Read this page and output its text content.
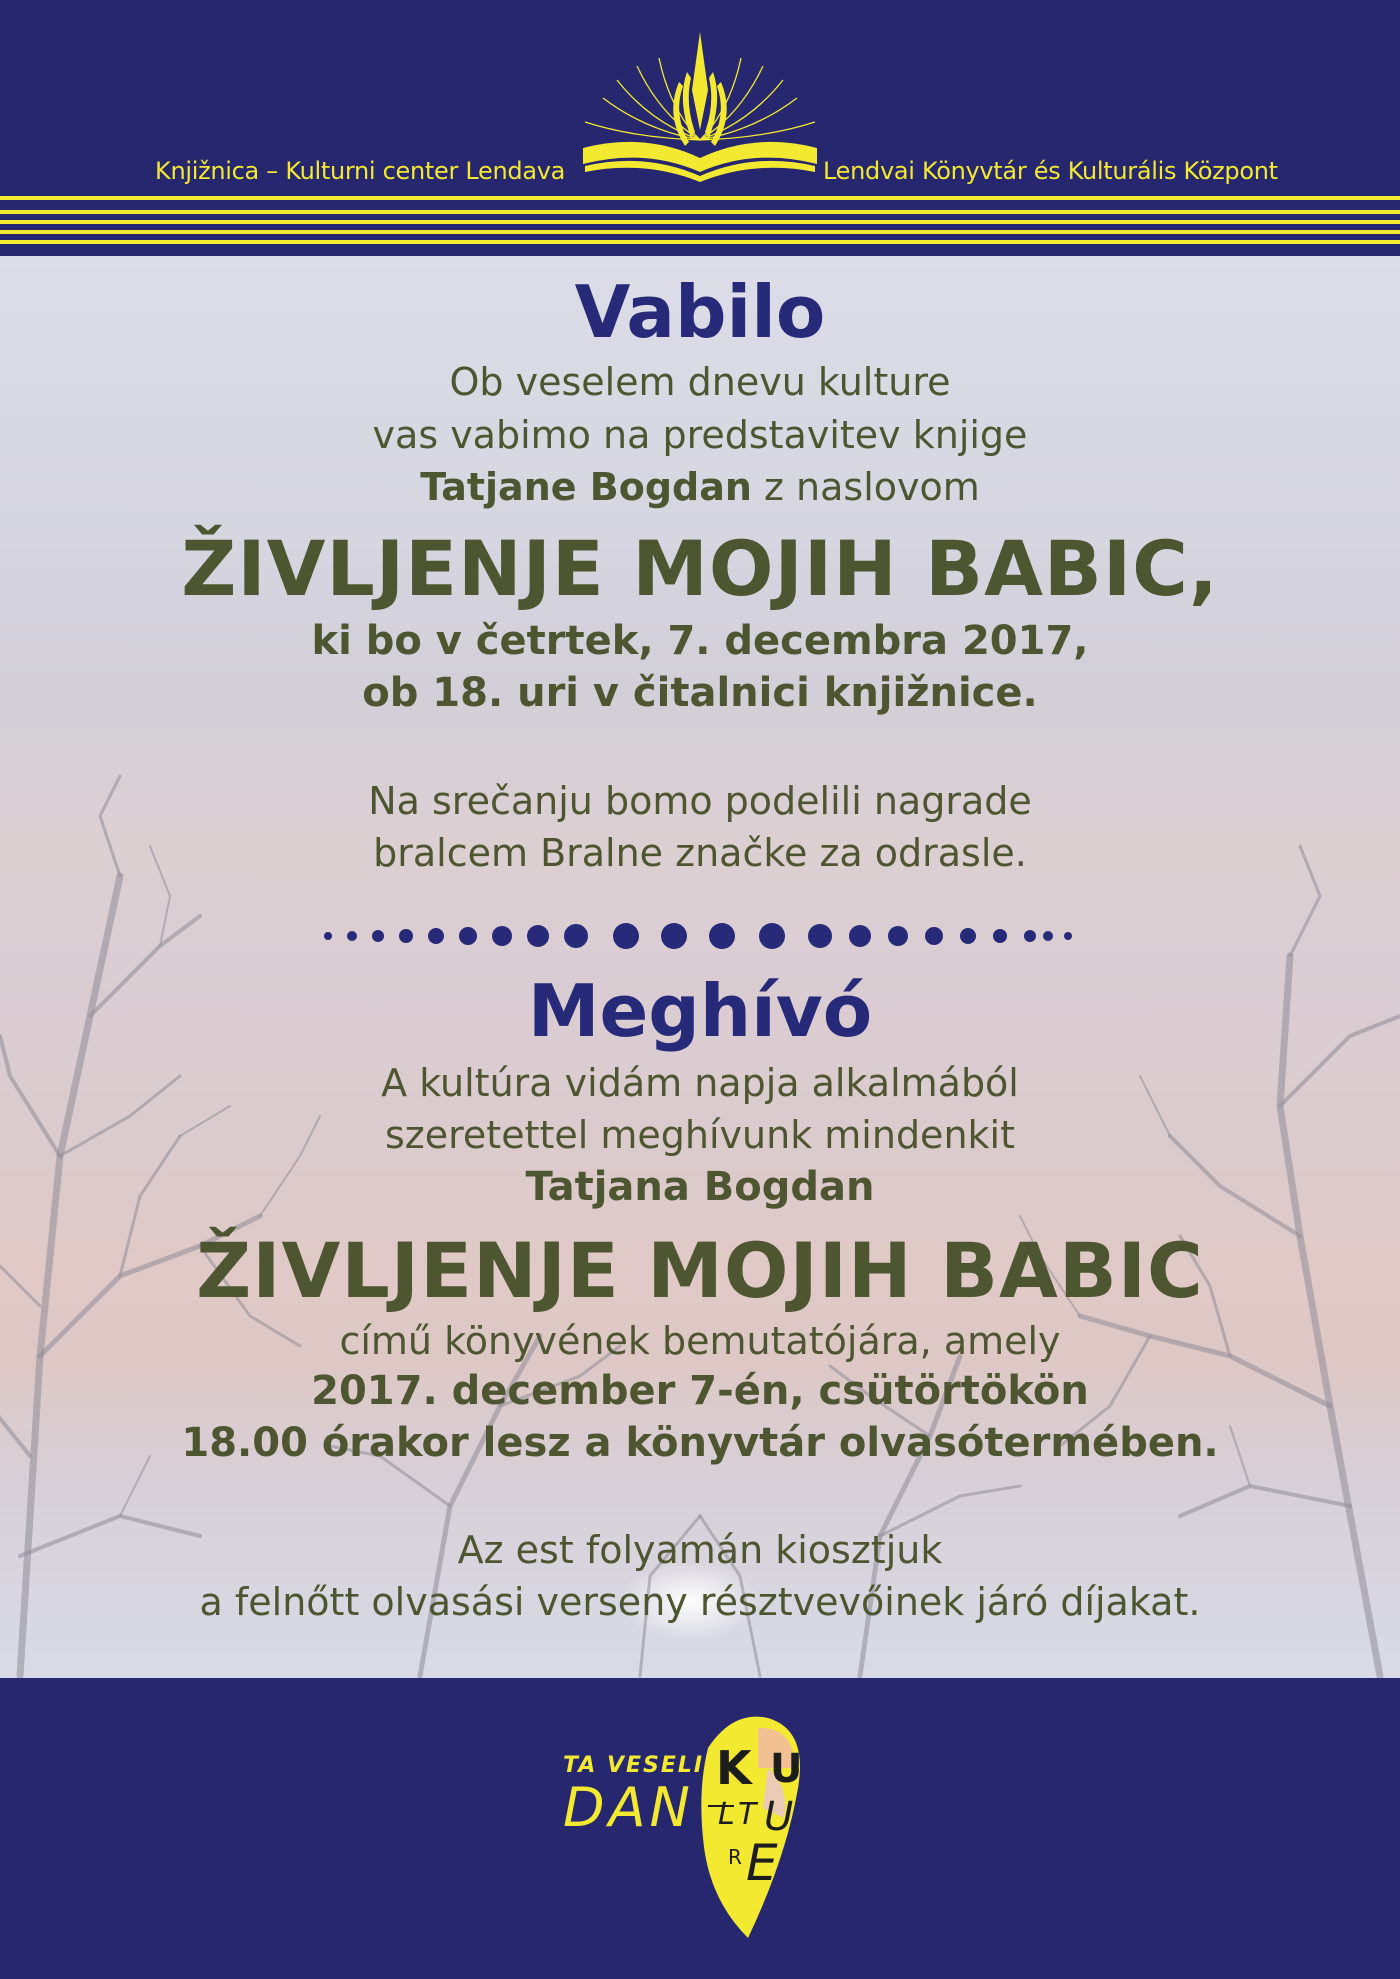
Knjižnica – Kulturni center Lendava	Lendvai Könyvtár és Kulturális Központ
Vabilo
Ob veselem dnevu kulture
vas vabimo na predstavitev knjige
Tatjane Bogdan z naslovom
ŽIVLJENJE MOJIH BABIC,
ki bo v četrtek, 7. decembra 2017,
ob 18. uri v čitalnici knjižnice.
Na srečanju bomo podelili nagrade
bralcem Bralne značke za odrasle.
Meghívó
A kultúra vidám napja alkalmából
szeretettel meghívunk mindenkit
Tatjana Bogdan
ŽIVLJENJE MOJIH BABIC
című könyvének bemutatójára, amely
2017. december 7-én, csütörtökön
18.00 órakor lesz a könyvtár olvasótermében.
Az est folyamán kiosztjuk
a felnőtt olvasási verseny résztvevőinek járó díjakat.
TA VESELI
DAN
K U
L T U
R E
